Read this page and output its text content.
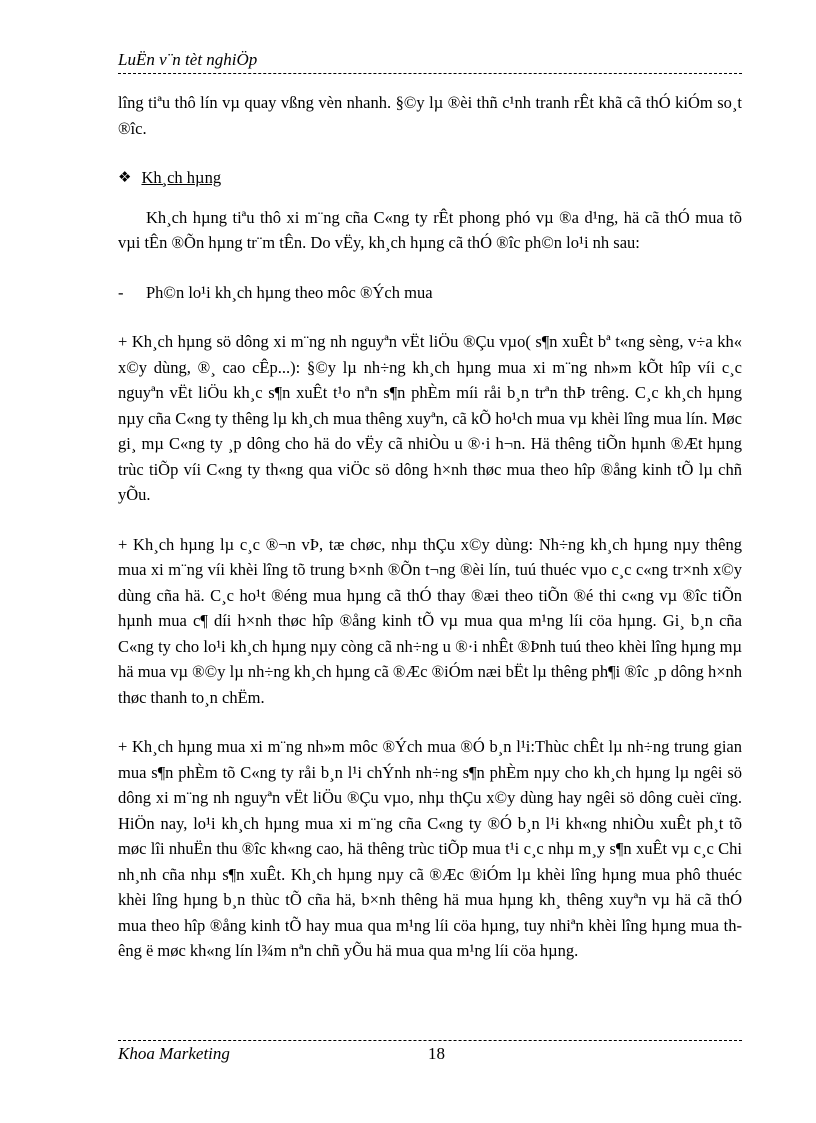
LuËn v¨n tèt nghiÖp

lîng tiªu thô lín vµ quay vßng vèn nhanh. §©y lµ ®èi thñ c¹nh tranh rÊt khã cã thÓ kiÓm so¸t ®îc.

❖ Kh¸ch hµng

Kh¸ch hµng tiªu thô xi m¨ng cña C«ng ty rÊt phong phó vµ ®a d¹ng, hä cã thÓ mua tõ vµi tÊn ®Õn hµng tr¨m tÊn. Do vËy, kh¸ch hµng cã thÓ ®îc ph©n lo¹i nh sau:

-	Ph©n lo¹i kh¸ch hµng theo môc ®Ých mua

+ Kh¸ch hµng sö dông xi m¨ng nh nguyªn vËt liÖu ®Çu vµo( s¶n xuÊt bª t«ng sèng, v÷a kh« x©y dùng, ®¸ cao cÊp...): §©y lµ nh÷ng kh¸ch hµng mua xi m¨ng nh»m kÕt hîp víi c¸c nguyªn vËt liÖu kh¸c s¶n xuÊt t¹o nªn s¶n phÈm míi råi b¸n trªn thÞ trêng. C¸c kh¸ch hµng nµy cña C«ng ty thêng lµ kh¸ch mua thêng xuyªn, cã kÕ ho¹ch mua vµ khèi lîng mua lín. Møc gi¸ mµ C«ng ty ¸p dông cho hä do vËy cã nhiÒu u ®·i h¬n. Hä thêng tiÕn hµnh ®Æt hµng trùc tiÕp víi C«ng ty th«ng qua viÖc sö dông h×nh thøc mua theo hîp ®ång kinh tÕ lµ chñ yÕu.

+ Kh¸ch hµng lµ c¸c ®¬n vÞ, tæ chøc, nhµ thÇu x©y dùng: Nh÷ng kh¸ch hµng nµy thêng mua xi m¨ng víi khèi lîng tõ trung b×nh ®Õn t¬ng ®èi lín, tuú thuéc vµo c¸c c«ng tr×nh x©y dùng cña hä. C¸c ho¹t ®éng mua hµng cã thÓ thay ®æi theo tiÕn ®é thi c«ng vµ ®îc tiÕn hµnh mua c¶ díi h×nh thøc hîp ®ång kinh tÕ vµ mua qua m¹ng líi cöa hµng. Gi¸ b¸n cña C«ng ty cho lo¹i kh¸ch hµng nµy còng cã nh÷ng u ®·i nhÊt ®Þnh tuú theo khèi lîng hµng mµ hä mua vµ ®©y lµ nh÷ng kh¸ch hµng cã ®Æc ®iÓm næi bËt lµ thêng ph¶i ®îc ¸p dông h×nh thøc thanh to¸n chËm.

+ Kh¸ch hµng mua xi m¨ng nh»m môc ®Ých mua ®Ó b¸n l¹i:Thùc chÊt lµ nh÷ng trung gian mua s¶n phÈm tõ C«ng ty råi b¸n l¹i chÝnh nh÷ng s¶n phÈm nµy cho kh¸ch hµng lµ ngêi sö dông xi m¨ng nh nguyªn vËt liÖu ®Çu vµo, nhµ thÇu x©y dùng hay ngêi sö dông cuèi cïng. HiÖn nay, lo¹i kh¸ch hµng mua xi m¨ng cña C«ng ty ®Ó b¸n l¹i kh«ng nhiÒu xuÊt ph¸t tõ møc lîi nhuËn thu ®îc kh«ng cao, hä thêng trùc tiÕp mua t¹i c¸c nhµ m¸y s¶n xuÊt vµ c¸c Chi nh¸nh cña nhµ s¶n xuÊt. Kh¸ch hµng nµy cã ®Æc ®iÓm lµ khèi lîng hµng mua phô thuéc khèi lîng hµng b¸n thùc tÕ cña hä, b×nh thêng hä mua hµng kh¸ thêng xuyªn vµ hä cã thÓ mua theo hîp ®ång kinh tÕ hay mua qua m¹ng líi cöa hµng, tuy nhiªn khèi lîng hµng mua thêng ë møc kh«ng lín l¾m nªn chñ yÕu hä mua qua m¹ng líi cöa hµng.

Khoa Marketing	18
